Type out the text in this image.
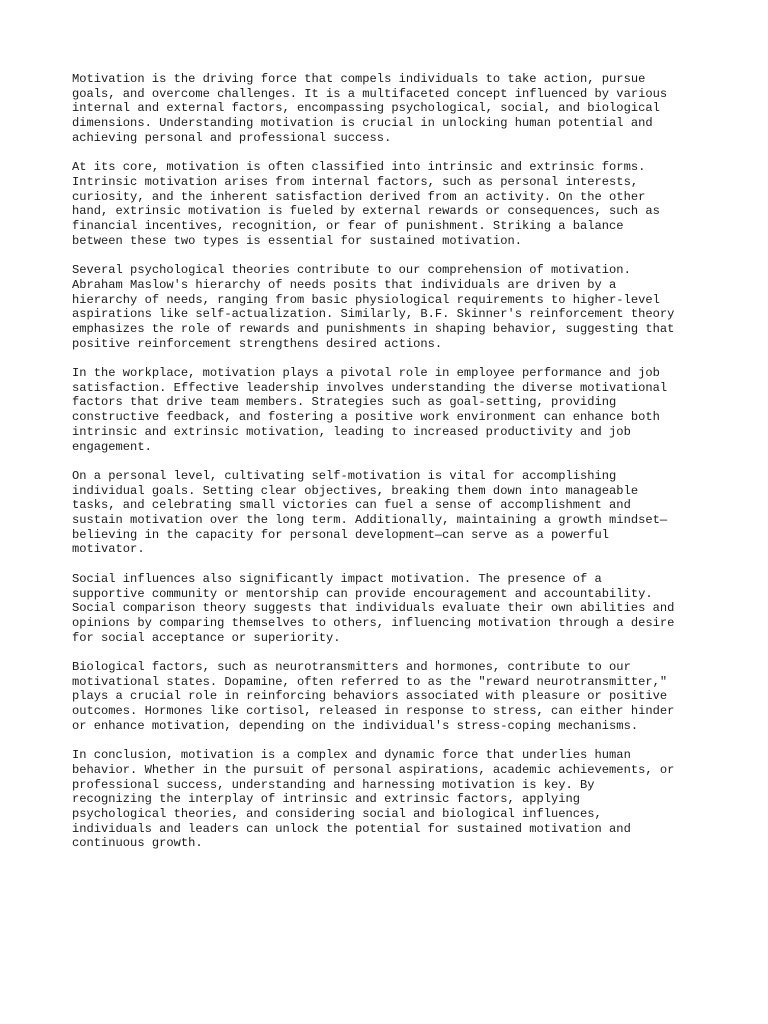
Motivation is the driving force that compels individuals to take action, pursue
goals, and overcome challenges. It is a multifaceted concept influenced by various
internal and external factors, encompassing psychological, social, and biological
dimensions. Understanding motivation is crucial in unlocking human potential and
achieving personal and professional success.

At its core, motivation is often classified into intrinsic and extrinsic forms.
Intrinsic motivation arises from internal factors, such as personal interests,
curiosity, and the inherent satisfaction derived from an activity. On the other
hand, extrinsic motivation is fueled by external rewards or consequences, such as
financial incentives, recognition, or fear of punishment. Striking a balance
between these two types is essential for sustained motivation.

Several psychological theories contribute to our comprehension of motivation.
Abraham Maslow's hierarchy of needs posits that individuals are driven by a
hierarchy of needs, ranging from basic physiological requirements to higher-level
aspirations like self-actualization. Similarly, B.F. Skinner's reinforcement theory
emphasizes the role of rewards and punishments in shaping behavior, suggesting that
positive reinforcement strengthens desired actions.

In the workplace, motivation plays a pivotal role in employee performance and job
satisfaction. Effective leadership involves understanding the diverse motivational
factors that drive team members. Strategies such as goal-setting, providing
constructive feedback, and fostering a positive work environment can enhance both
intrinsic and extrinsic motivation, leading to increased productivity and job
engagement.

On a personal level, cultivating self-motivation is vital for accomplishing
individual goals. Setting clear objectives, breaking them down into manageable
tasks, and celebrating small victories can fuel a sense of accomplishment and
sustain motivation over the long term. Additionally, maintaining a growth mindset—
believing in the capacity for personal development—can serve as a powerful
motivator.

Social influences also significantly impact motivation. The presence of a
supportive community or mentorship can provide encouragement and accountability.
Social comparison theory suggests that individuals evaluate their own abilities and
opinions by comparing themselves to others, influencing motivation through a desire
for social acceptance or superiority.

Biological factors, such as neurotransmitters and hormones, contribute to our
motivational states. Dopamine, often referred to as the "reward neurotransmitter,"
plays a crucial role in reinforcing behaviors associated with pleasure or positive
outcomes. Hormones like cortisol, released in response to stress, can either hinder
or enhance motivation, depending on the individual's stress-coping mechanisms.

In conclusion, motivation is a complex and dynamic force that underlies human
behavior. Whether in the pursuit of personal aspirations, academic achievements, or
professional success, understanding and harnessing motivation is key. By
recognizing the interplay of intrinsic and extrinsic factors, applying
psychological theories, and considering social and biological influences,
individuals and leaders can unlock the potential for sustained motivation and
continuous growth.
